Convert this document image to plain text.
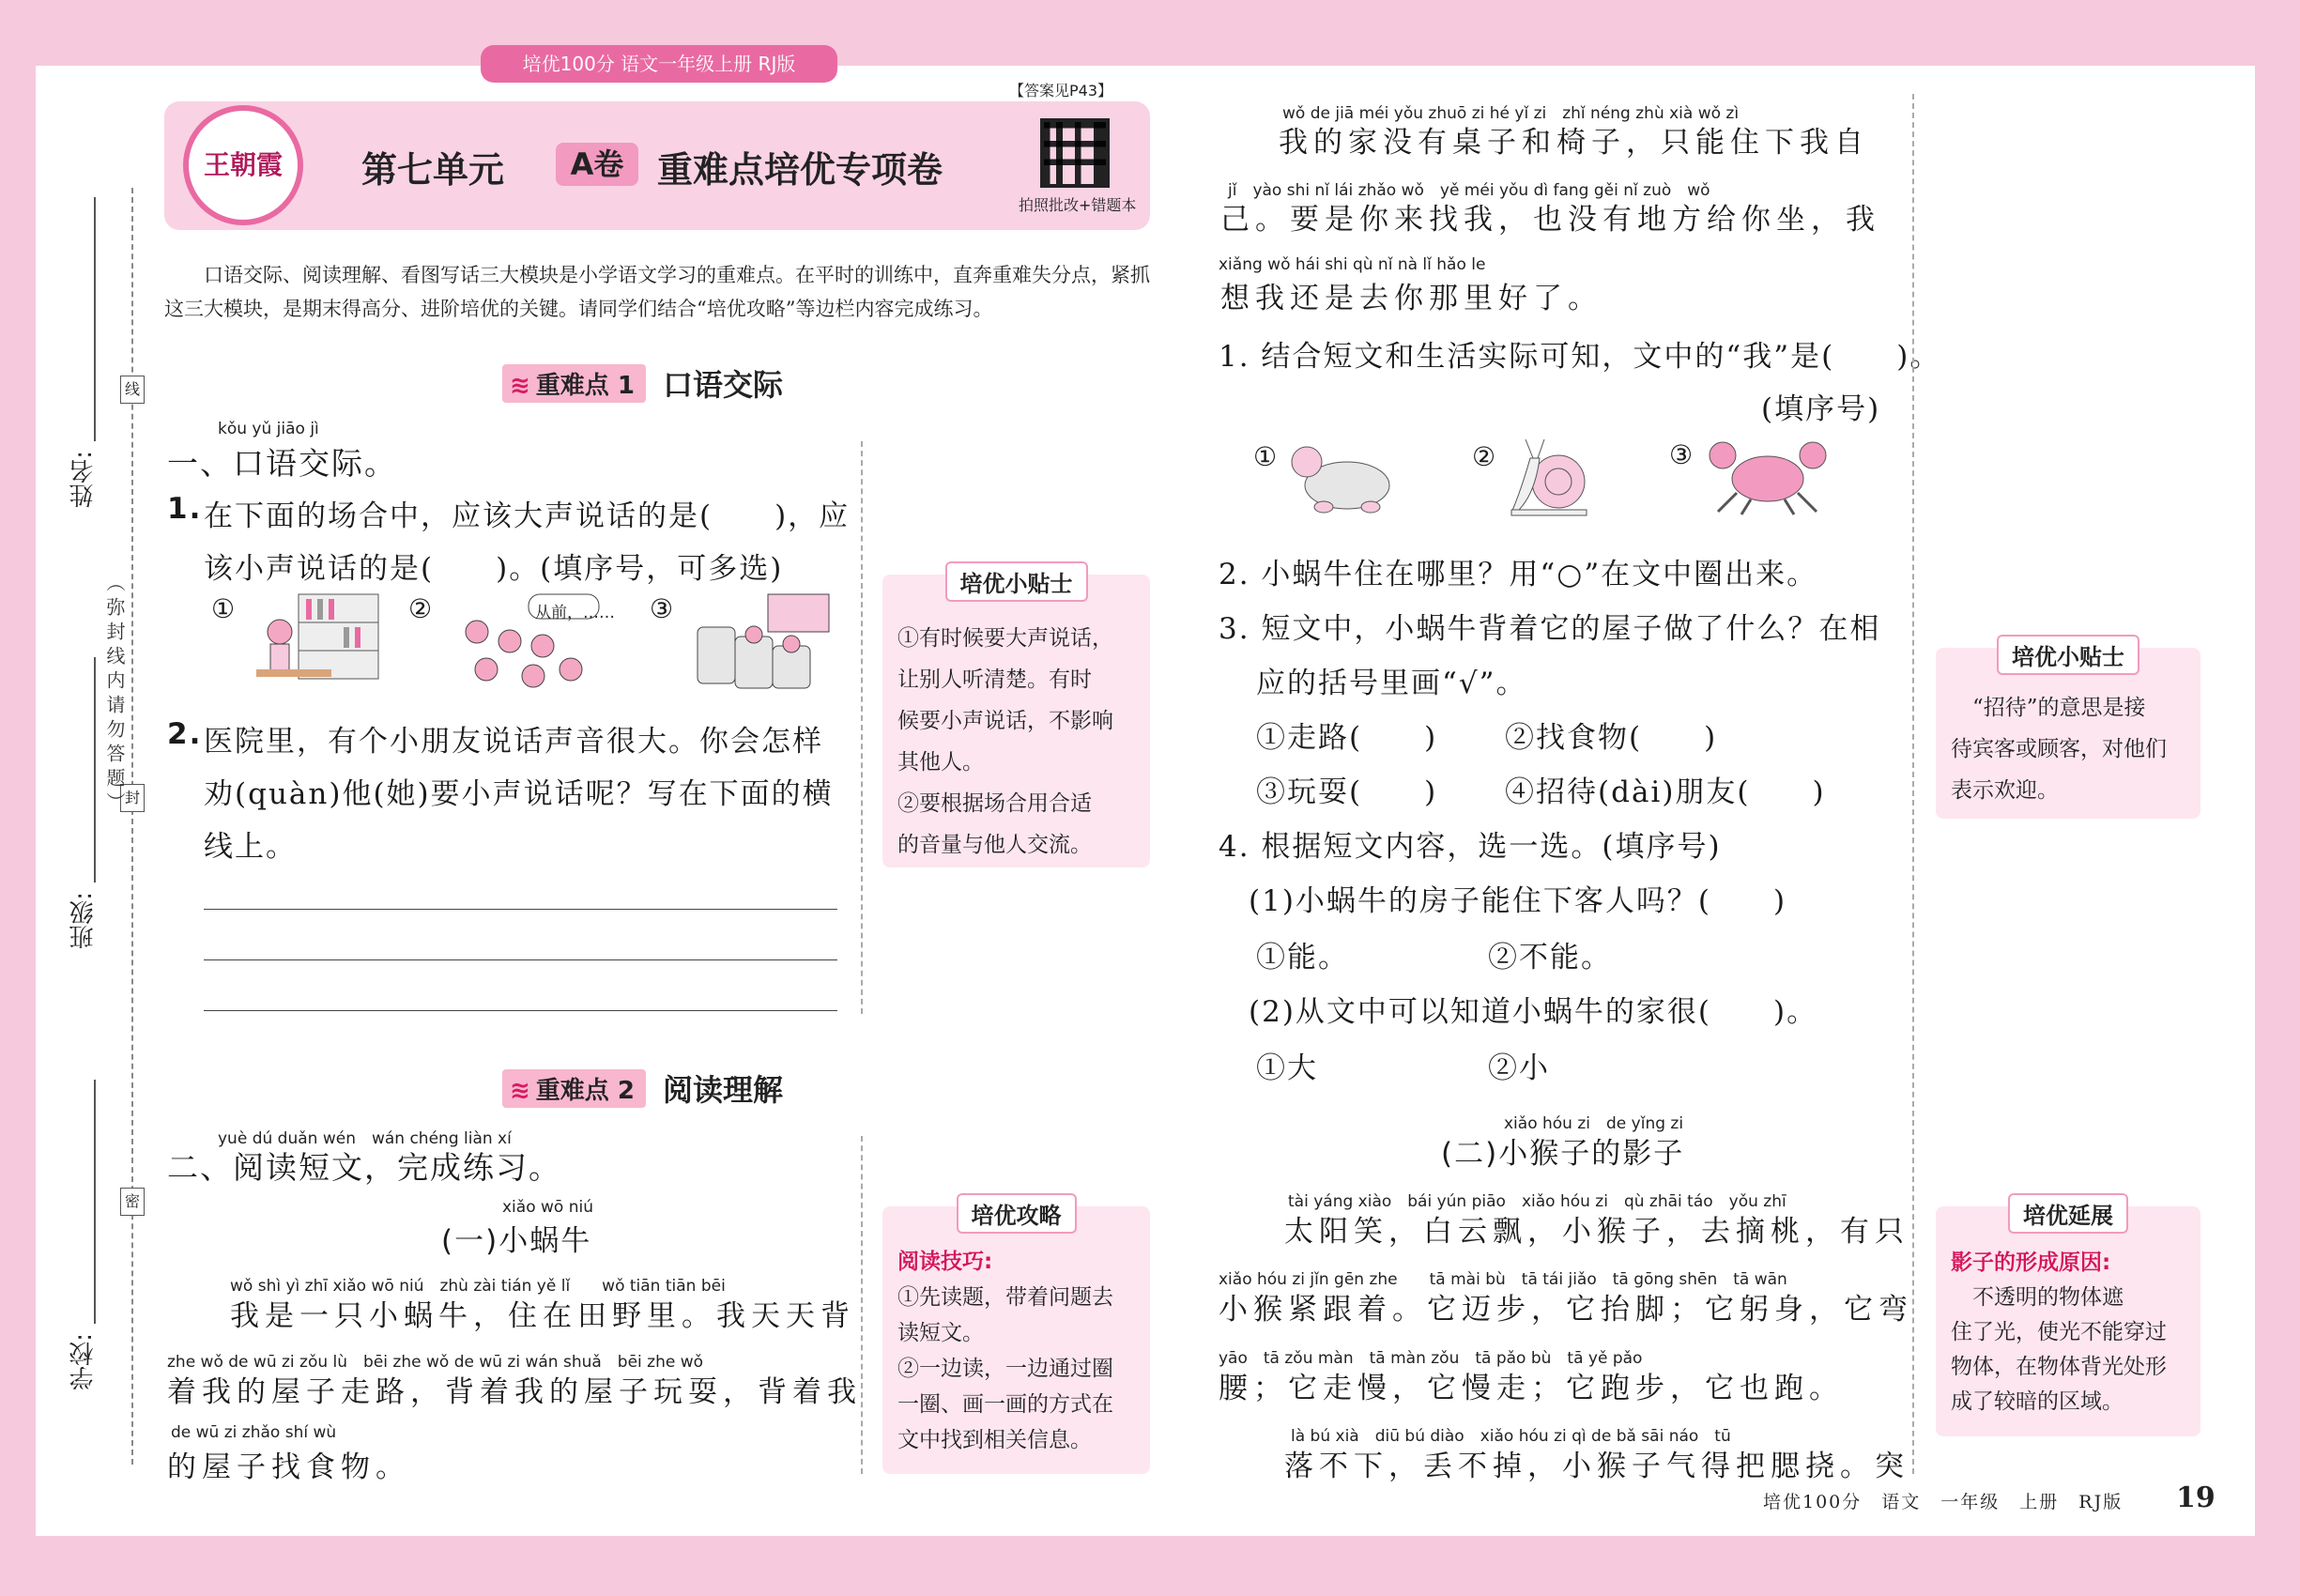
培优100分 语文一年级上册 RJ版
姓名:
班级:
学校:
线
封
密
（弥封线内请勿答题）
王朝霞	第七单元	A卷 重难点培优专项卷
【答案见P43】
拍照批改+错题本
口语交际、阅读理解、看图写话三大模块是小学语文学习的重难点。在平时的训练中，直奔重难失分点，紧抓这三大模块，是期末得高分、进阶培优的关键。请同学们结合“培优攻略”等边栏内容完成练习。
≋ 重难点 1 口语交际
kǒu yǔ jiāo jì
一、口语交际。
1. 在下面的场合中，应该大声说话的是(　　)，应
该小声说话的是(　　)。(填序号，可多选)
①	②	从前，…… ③
2. 医院里，有个小朋友说话声音很大。你会怎样
劝(quàn)他(她)要小声说话呢？写在下面的横
线上。
培优小贴士
①有时候要大声说话，
让别人听清楚。有时
候要小声说话，不影响
其他人。
②要根据场合用合适
的音量与他人交流。
≋ 重难点 2 阅读理解
yuè dú duǎn wén　wán chéng liàn xí
二、阅读短文，完成练习。
xiǎo wō niú
(一)小蜗牛
wǒ shì yì zhī xiǎo wō niú　zhù zài tián yě lǐ　　wǒ tiān tiān bēi
我是一只小蜗牛，住在田野里。我天天背
zhe wǒ de wū zi zǒu lù　bēi zhe wǒ de wū zi wán shuǎ　bēi zhe wǒ
着我的屋子走路，背着我的屋子玩耍，背着我
de wū zi zhǎo shí wù
的屋子找食物。
培优攻略
阅读技巧:
①先读题，带着问题去
读短文。
②一边读，一边通过圈
一圈、画一画的方式在
文中找到相关信息。
wǒ de jiā méi yǒu zhuō zi hé yǐ zi　zhǐ néng zhù xià wǒ zì
我的家没有桌子和椅子，只能住下我自
jǐ　yào shi nǐ lái zhǎo wǒ　yě méi yǒu dì fang gěi nǐ zuò　wǒ
己。要是你来找我，也没有地方给你坐，我
xiǎng wǒ hái shi qù nǐ nà lǐ hǎo le
想我还是去你那里好了。
1. 结合短文和生活实际可知，文中的“我”是(　　)。
(填序号)
①	②	③
2. 小蜗牛住在哪里？用“○”在文中圈出来。
3. 短文中，小蜗牛背着它的屋子做了什么？在相
应的括号里画“√”。
①走路(　　) ②找食物(　　)
③玩耍(　　) ④招待(dài)朋友(　　)
4. 根据短文内容，选一选。(填序号)
(1)小蜗牛的房子能住下客人吗？(　　)
①能。	②不能。
(2)从文中可以知道小蜗牛的家很(　　)。
①大	②小
xiǎo hóu zi　de yǐng zi
(二)小猴子的影子
tài yáng xiào　bái yún piāo　xiǎo hóu zi　qù zhāi táo　yǒu zhī
太阳笑，白云飘，小猴子，去摘桃，有只
xiǎo hóu zi jǐn gēn zhe　　tā mài bù　tā tái jiǎo　tā gōng shēn　tā wān
小猴紧跟着。它迈步，它抬脚；它躬身，它弯
yāo　tā zǒu màn　tā màn zǒu　tā pǎo bù　tā yě pǎo
腰；它走慢，它慢走；它跑步，它也跑。
là bú xià　diū bú diào　xiǎo hóu zi qì de bǎ sāi náo　tū
落不下，丢不掉，小猴子气得把腮挠。突
培优小贴士
　“招待”的意思是接
待宾客或顾客，对他们
表示欢迎。
培优延展
影子的形成原因:
　不透明的物体遮
住了光，使光不能穿过
物体，在物体背光处形
成了较暗的区域。
培优100分　语文　一年级　上册　RJ版 19
